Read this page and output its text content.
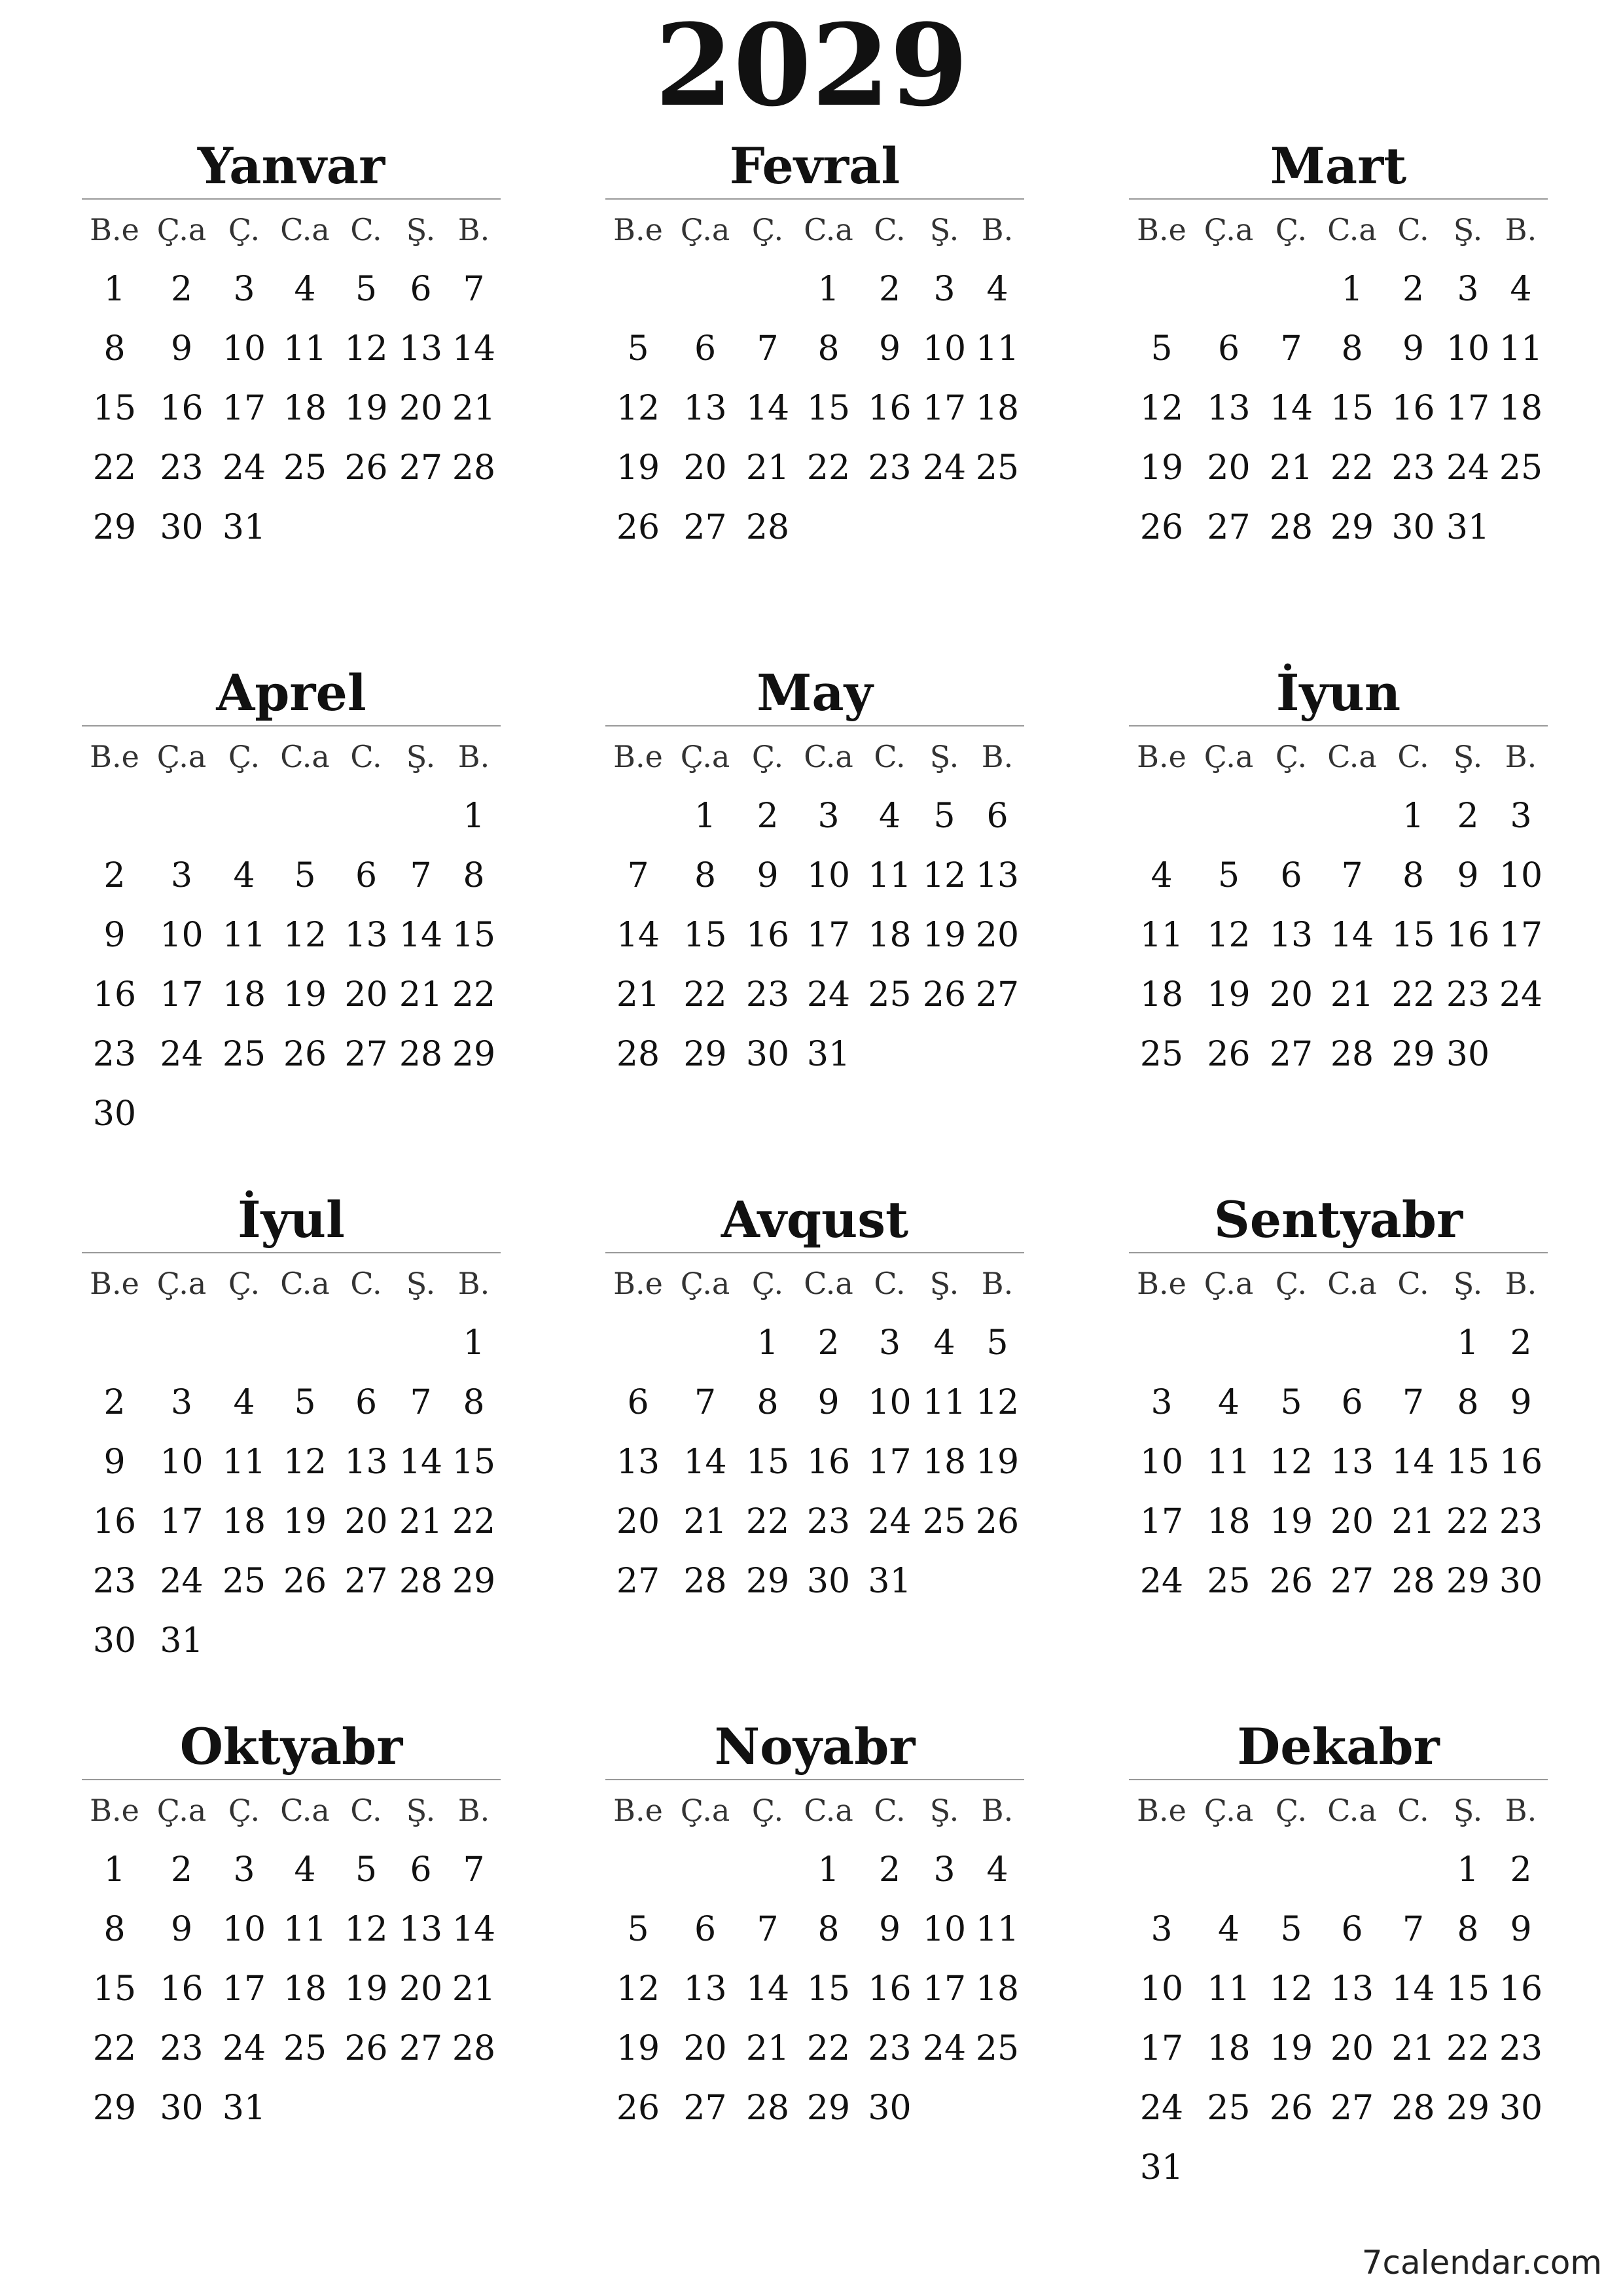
2029
Yanvar
B.e	Ç.a	Ç.	C.a	C.	Ş.	B.
1	2	3	4	5	6	7
8	9	10	11	12	13	14
15	16	17	18	19	20	21
22	23	24	25	26	27	28
29	30	31				
Fevral
B.e	Ç.a	Ç.	C.a	C.	Ş.	B.
			1	2	3	4
5	6	7	8	9	10	11
12	13	14	15	16	17	18
19	20	21	22	23	24	25
26	27	28				
Mart
B.e	Ç.a	Ç.	C.a	C.	Ş.	B.
			1	2	3	4
5	6	7	8	9	10	11
12	13	14	15	16	17	18
19	20	21	22	23	24	25
26	27	28	29	30	31	
Aprel
B.e	Ç.a	Ç.	C.a	C.	Ş.	B.
						1
2	3	4	5	6	7	8
9	10	11	12	13	14	15
16	17	18	19	20	21	22
23	24	25	26	27	28	29
30						
May
B.e	Ç.a	Ç.	C.a	C.	Ş.	B.
	1	2	3	4	5	6
7	8	9	10	11	12	13
14	15	16	17	18	19	20
21	22	23	24	25	26	27
28	29	30	31			
İyun
B.e	Ç.a	Ç.	C.a	C.	Ş.	B.
				1	2	3
4	5	6	7	8	9	10
11	12	13	14	15	16	17
18	19	20	21	22	23	24
25	26	27	28	29	30	
İyul
B.e	Ç.a	Ç.	C.a	C.	Ş.	B.
						1
2	3	4	5	6	7	8
9	10	11	12	13	14	15
16	17	18	19	20	21	22
23	24	25	26	27	28	29
30	31					
Avqust
B.e	Ç.a	Ç.	C.a	C.	Ş.	B.
		1	2	3	4	5
6	7	8	9	10	11	12
13	14	15	16	17	18	19
20	21	22	23	24	25	26
27	28	29	30	31		
Sentyabr
B.e	Ç.a	Ç.	C.a	C.	Ş.	B.
					1	2
3	4	5	6	7	8	9
10	11	12	13	14	15	16
17	18	19	20	21	22	23
24	25	26	27	28	29	30
Oktyabr
B.e	Ç.a	Ç.	C.a	C.	Ş.	B.
1	2	3	4	5	6	7
8	9	10	11	12	13	14
15	16	17	18	19	20	21
22	23	24	25	26	27	28
29	30	31				
Noyabr
B.e	Ç.a	Ç.	C.a	C.	Ş.	B.
			1	2	3	4
5	6	7	8	9	10	11
12	13	14	15	16	17	18
19	20	21	22	23	24	25
26	27	28	29	30		
Dekabr
B.e	Ç.a	Ç.	C.a	C.	Ş.	B.
					1	2
3	4	5	6	7	8	9
10	11	12	13	14	15	16
17	18	19	20	21	22	23
24	25	26	27	28	29	30
31						

7calendar.com
